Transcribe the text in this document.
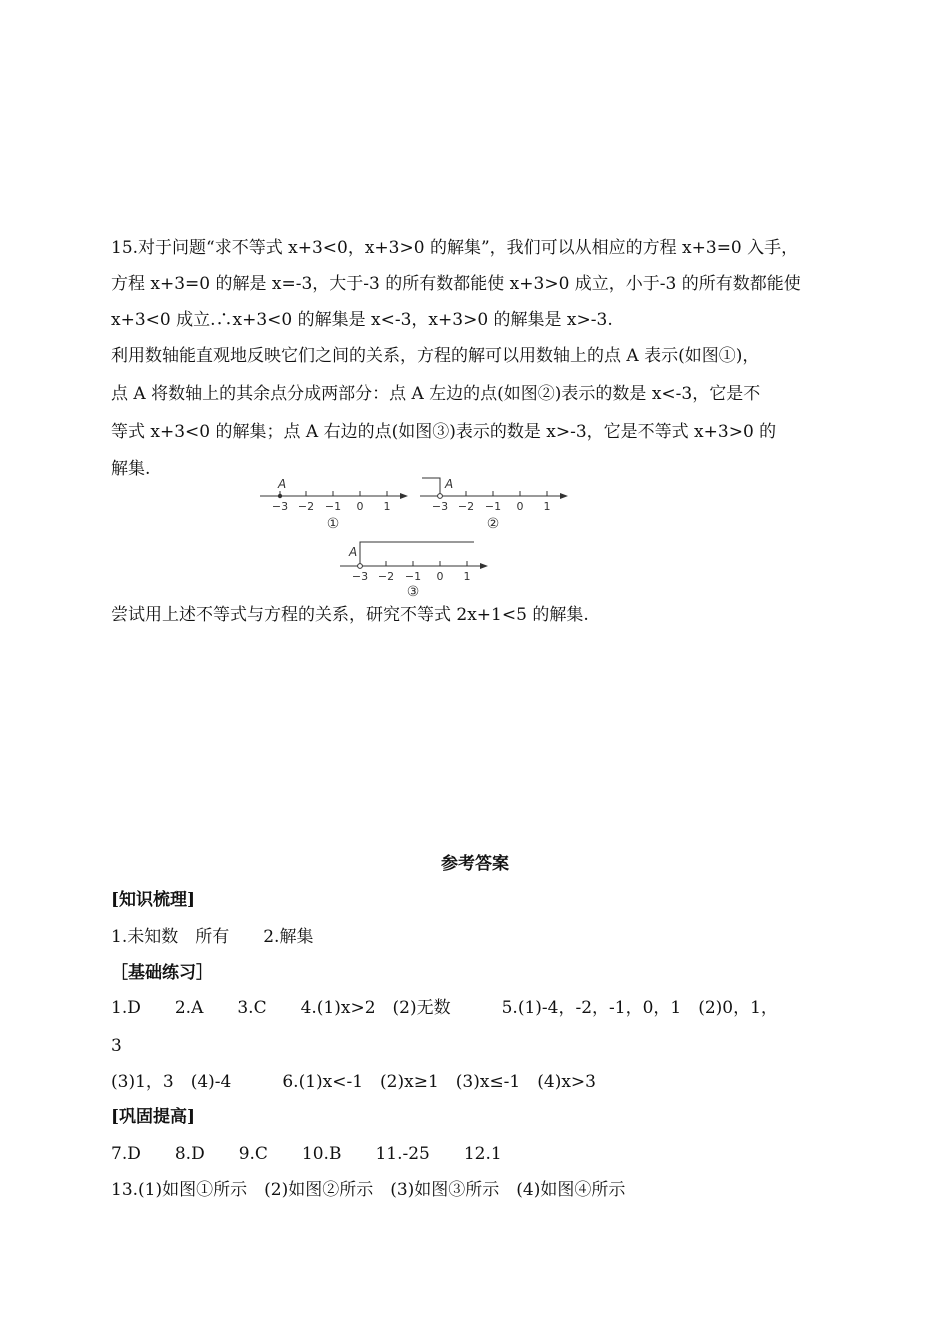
15.对于问题“求不等式 x+3<0，x+3>0 的解集”，我们可以从相应的方程 x+3=0 入手，
方程 x+3=0 的解是 x=-3，大于-3 的所有数都能使 x+3>0 成立，小于-3 的所有数都能使
x+3<0 成立.∴x+3<0 的解集是 x<-3，x+3>0 的解集是 x>-3.
利用数轴能直观地反映它们之间的关系，方程的解可以用数轴上的点 A 表示(如图①)，
点 A 将数轴上的其余点分成两部分：点 A 左边的点(如图②)表示的数是 x<-3，它是不
等式 x+3<0 的解集；点 A 右边的点(如图③)表示的数是 x>-3，它是不等式 x+3>0 的
解集.
A
−3 −2 −1 0 1
①
A
−3 −2 −1 0 1
②
A
−3 −2 −1 0 1
③
尝试用上述不等式与方程的关系，研究不等式 2x+1<5 的解集.
参考答案
[知识梳理]
1.未知数　所有　　2.解集
［基础练习］
1.D　　2.A　　3.C　　4.(1)x>2　(2)无数　　　5.(1)-4，-2，-1，0，1　(2)0，1，
3
(3)1，3　(4)-4　　　6.(1)x<-1　(2)x≥1　(3)x≤-1　(4)x>3
[巩固提高]
7.D　　8.D　　9.C　　10.B　　11.-25　　12.1
13.(1)如图①所示　(2)如图②所示　(3)如图③所示　(4)如图④所示
